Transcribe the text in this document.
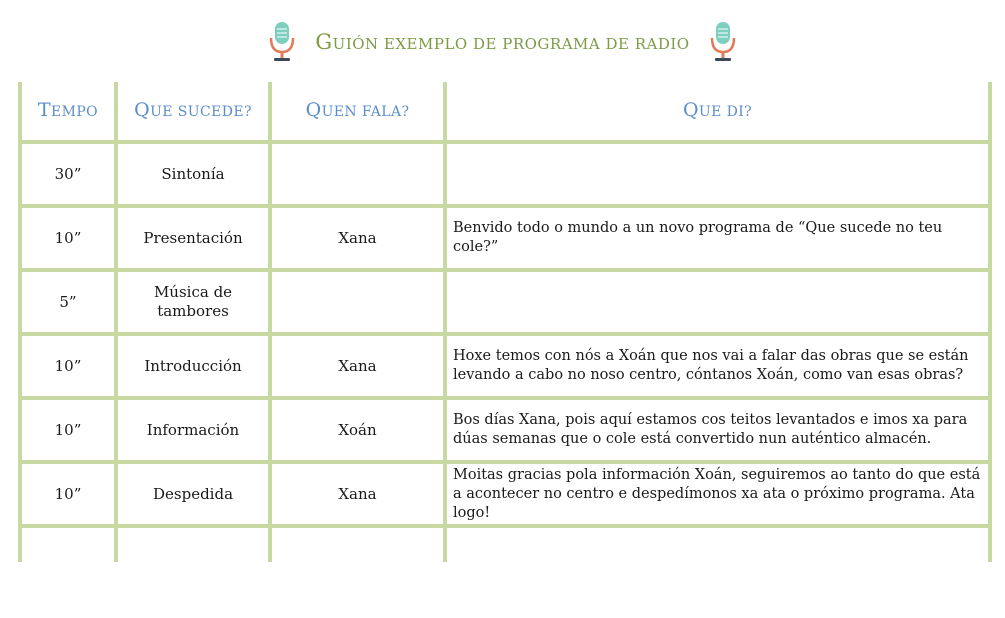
GUIÓN EXEMPLO DE PROGRAMA DE RADIO
TEMPO	QUE SUCEDE?	QUEN FALA?	QUE DI?
30”	Sintonía		
10”	Presentación	Xana	Benvido todo o mundo a un novo programa de “Que sucede no teu cole?”
5”	Música de tambores		
10”	Introducción	Xana	Hoxe temos con nós a Xoán que nos vai a falar das obras que se están levando a cabo no noso centro, cóntanos Xoán, como van esas obras?
10”	Información	Xoán	Bos días Xana, pois aquí estamos cos teitos levantados e imos xa para dúas semanas que o cole está convertido nun auténtico almacén.
10”	Despedida	Xana	Moitas gracias pola información Xoán, seguiremos ao tanto do que está a acontecer no centro e despedímonos xa ata o próximo programa. Ata logo!
